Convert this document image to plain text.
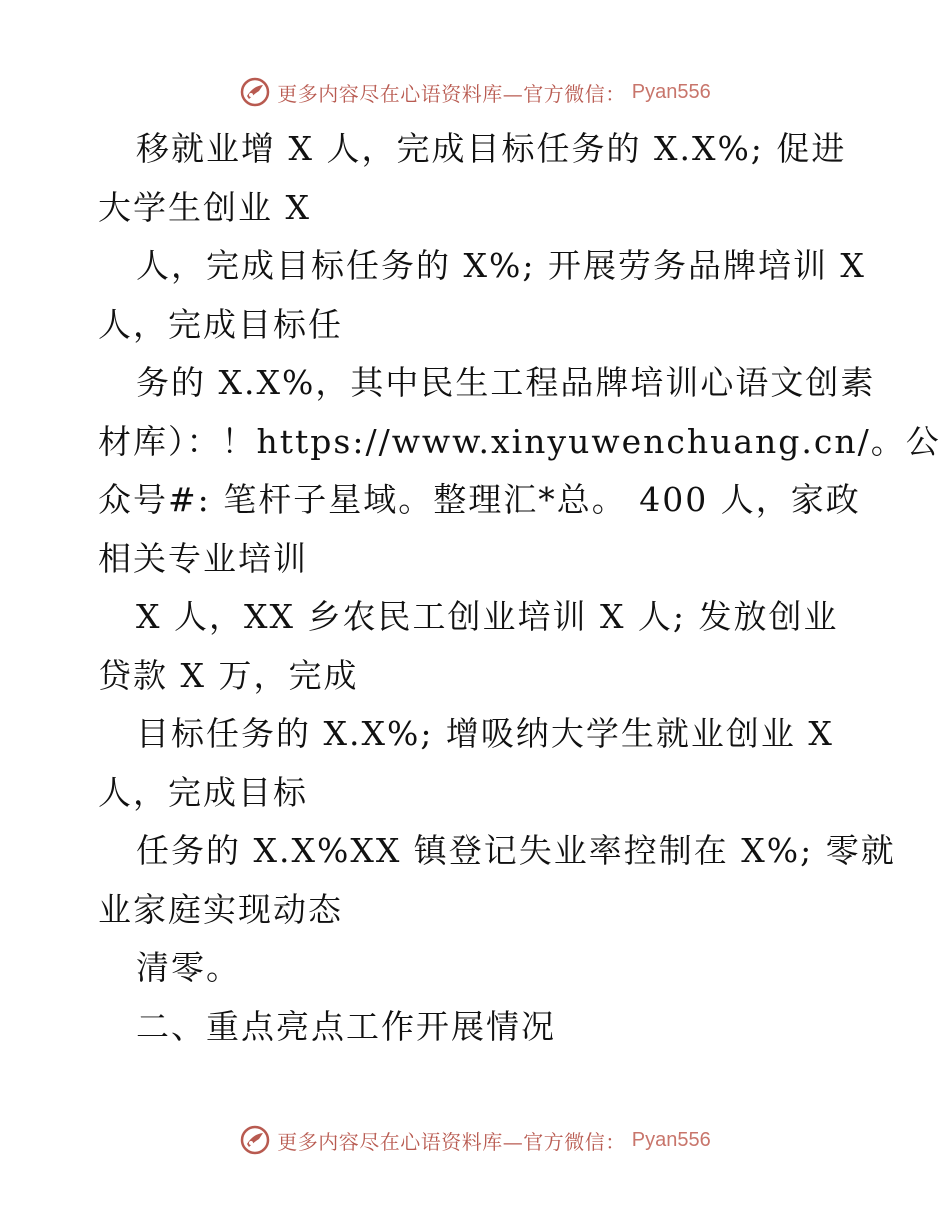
更多内容尽在心语资料库—官方微信： Pyan556
移就业增 X 人，完成目标任务的 X.X%; 促进
大学生创业 X
人，完成目标任务的 X%; 开展劳务品牌培训 X
人，完成目标任
务的 X.X%，其中民生工程品牌培训心语文创素
材库）：！https://www.xinyuwenchuang.cn/。公
众号#: 笔杆子星域。整理汇*总。 400 人，家政
相关专业培训
X 人，XX 乡农民工创业培训 X 人; 发放创业
贷款 X 万，完成
目标任务的 X.X%; 增吸纳大学生就业创业 X
人，完成目标
任务的 X.X%XX 镇登记失业率控制在 X%; 零就
业家庭实现动态
清零。
二、重点亮点工作开展情况
更多内容尽在心语资料库—官方微信： Pyan556
